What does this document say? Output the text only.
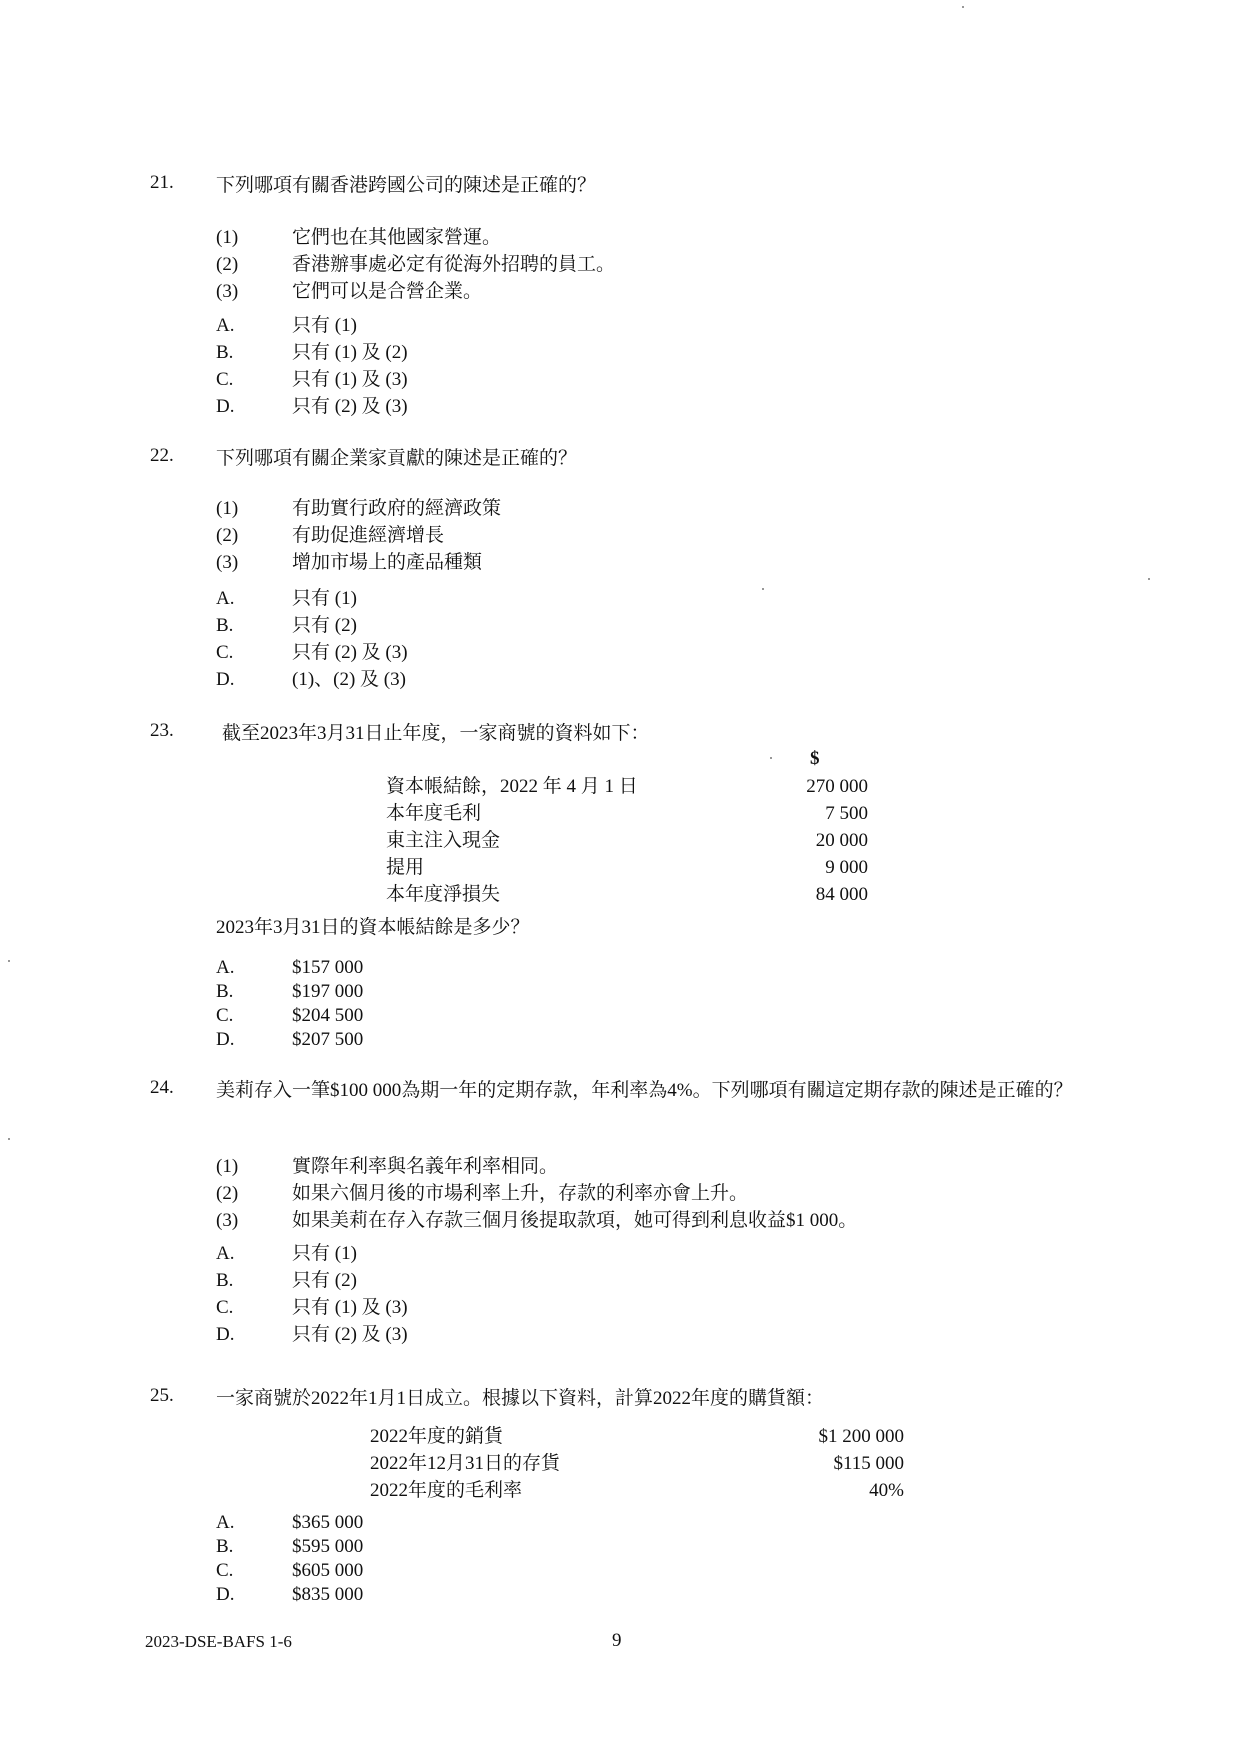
21.	下列哪項有關香港跨國公司的陳述是正確的？
(1)	它們也在其他國家營運。
(2)	香港辦事處必定有從海外招聘的員工。
(3)	它們可以是合營企業。
A.	只有 (1)
B.	只有 (1) 及 (2)
C.	只有 (1) 及 (3)
D.	只有 (2) 及 (3)
22.	下列哪項有關企業家貢獻的陳述是正確的？
(1)	有助實行政府的經濟政策
(2)	有助促進經濟增長
(3)	增加市場上的產品種類
A.	只有 (1)
B.	只有 (2)
C.	只有 (2) 及 (3)
D.	(1)、(2) 及 (3)
23.	截至2023年3月31日止年度，一家商號的資料如下：
$
資本帳結餘，2022 年 4 月 1 日	270 000
本年度毛利	7 500
東主注入現金	20 000
提用	9 000
本年度淨損失	84 000
2023年3月31日的資本帳結餘是多少？
A.	$157 000
B.	$197 000
C.	$204 500
D.	$207 500
24.	美莉存入一筆$100 000為期一年的定期存款，年利率為4%。下列哪項有關這定期存款的陳述是正確的？
(1)	實際年利率與名義年利率相同。
(2)	如果六個月後的市場利率上升，存款的利率亦會上升。
(3)	如果美莉在存入存款三個月後提取款項，她可得到利息收益$1 000。
A.	只有 (1)
B.	只有 (2)
C.	只有 (1) 及 (3)
D.	只有 (2) 及 (3)
25.	一家商號於2022年1月1日成立。根據以下資料，計算2022年度的購貨額：
2022年度的銷貨	$1 200 000
2022年12月31日的存貨	$115 000
2022年度的毛利率	40%
A.	$365 000
B.	$595 000
C.	$605 000
D.	$835 000
2023-DSE-BAFS 1-6	9
